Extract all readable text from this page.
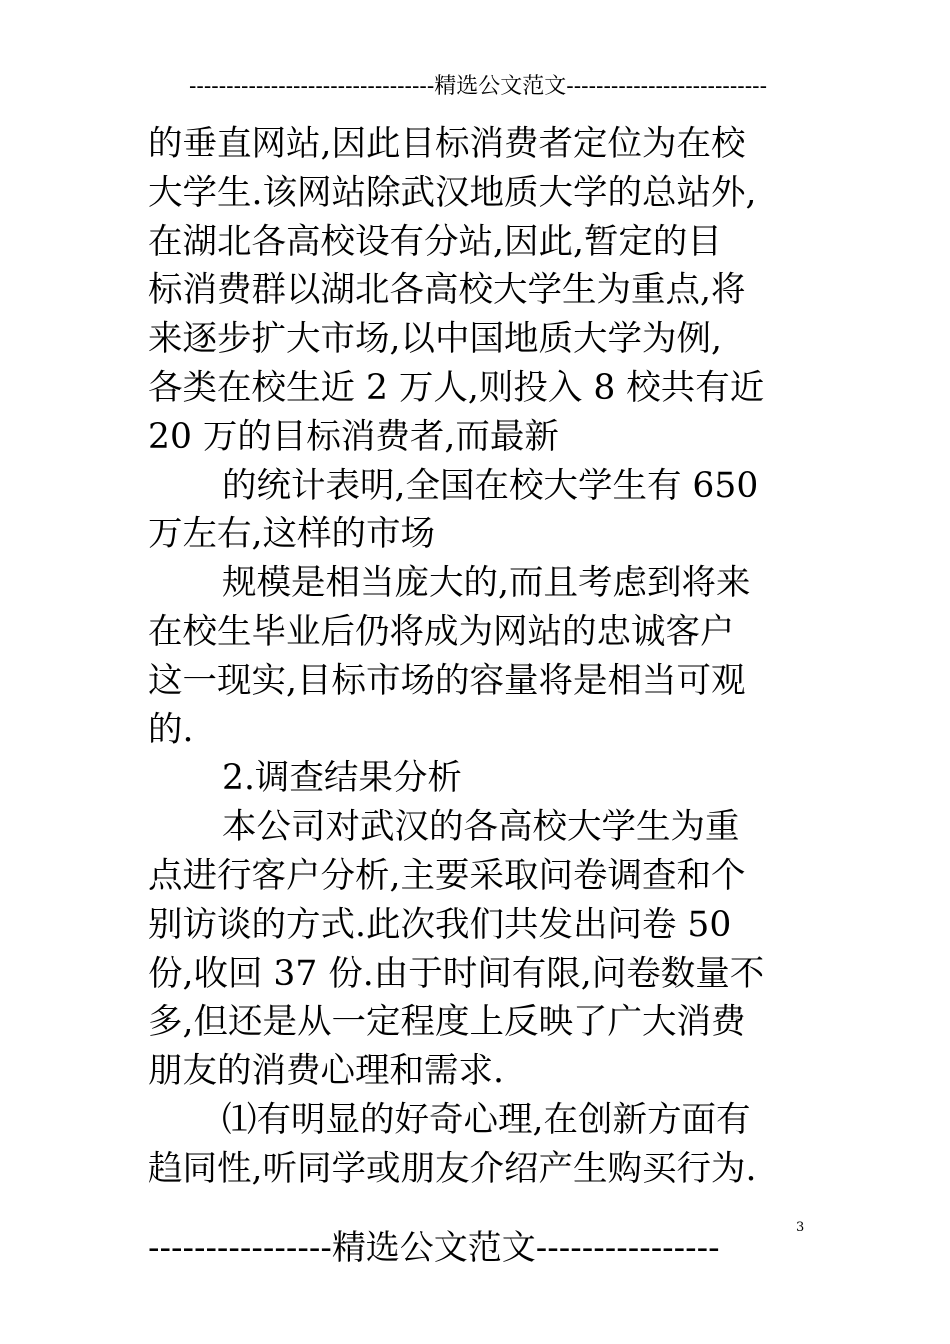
---------------------------------精选公文范文---------------------------
的垂直网站,因此目标消费者定位为在校
大学生.该网站除武汉地质大学的总站外,
在湖北各高校设有分站,因此,暂定的目
标消费群以湖北各高校大学生为重点,将
来逐步扩大市场,以中国地质大学为例,
各类在校生近 2 万人,则投入 8 校共有近
20 万的目标消费者,而最新
的统计表明,全国在校大学生有 650
万左右,这样的市场
规模是相当庞大的,而且考虑到将来
在校生毕业后仍将成为网站的忠诚客户
这一现实,目标市场的容量将是相当可观
的.
2.调查结果分析
本公司对武汉的各高校大学生为重
点进行客户分析,主要采取问卷调查和个
别访谈的方式.此次我们共发出问卷 50
份,收回 37 份.由于时间有限,问卷数量不
多,但还是从一定程度上反映了广大消费
朋友的消费心理和需求.
⑴有明显的好奇心理,在创新方面有
趋同性,听同学或朋友介绍产生购买行为.
3
----------------精选公文范文----------------
